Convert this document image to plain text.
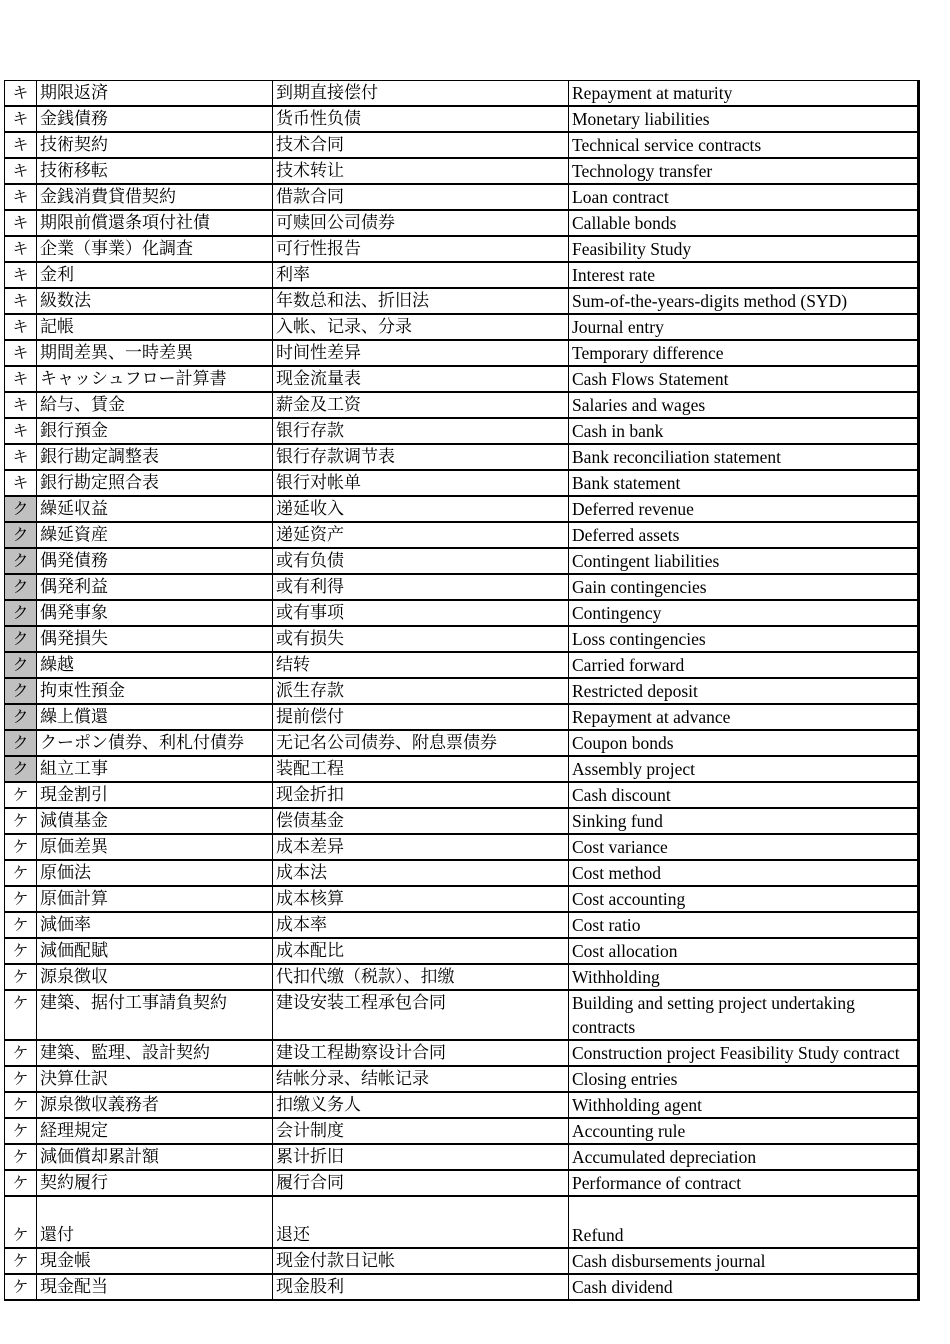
キ	期限返済	到期直接偿付	Repayment at maturity
キ	金銭債務	货币性负债	Monetary liabilities
キ	技術契約	技术合同	Technical service contracts
キ	技術移転	技术转让	Technology transfer
キ	金銭消費貸借契約	借款合同	Loan contract
キ	期限前償還条項付社債	可赎回公司债券	Callable bonds
キ	企業（事業）化調査	可行性报告	Feasibility Study
キ	金利	利率	Interest rate
キ	級数法	年数总和法、折旧法	Sum-of-the-years-digits method (SYD)
キ	記帳	入帐、记录、分录	Journal entry
キ	期間差異、一時差異	时间性差异	Temporary difference
キ	キャッシュフロー計算書	现金流量表	Cash Flows Statement
キ	給与、賃金	薪金及工资	Salaries and wages
キ	銀行預金	银行存款	Cash in bank
キ	銀行勘定調整表	银行存款调节表	Bank reconciliation statement
キ	銀行勘定照合表	银行对帐单	Bank statement
ク	繰延収益	递延收入	Deferred revenue
ク	繰延資産	递延资产	Deferred assets
ク	偶発債務	或有负债	Contingent liabilities
ク	偶発利益	或有利得	Gain contingencies
ク	偶発事象	或有事项	Contingency
ク	偶発損失	或有损失	Loss contingencies
ク	繰越	结转	Carried forward
ク	拘束性預金	派生存款	Restricted deposit
ク	繰上償還	提前偿付	Repayment at advance
ク	クーポン債券、利札付債券	无记名公司债券、附息票债券	Coupon bonds
ク	組立工事	装配工程	Assembly project
ケ	現金割引	现金折扣	Cash discount
ケ	減債基金	偿债基金	Sinking fund
ケ	原価差異	成本差异	Cost variance
ケ	原価法	成本法	Cost method
ケ	原価計算	成本核算	Cost accounting
ケ	減価率	成本率	Cost ratio
ケ	減価配賦	成本配比	Cost allocation
ケ	源泉徴収	代扣代缴（税款）、扣缴	Withholding
ケ	建築、据付工事請負契約	建设安装工程承包合同	Building and setting project undertaking contracts
ケ	建築、監理、設計契約	建设工程勘察设计合同	Construction project Feasibility Study contract
ケ	決算仕訳	结帐分录、结帐记录	Closing entries
ケ	源泉徴収義務者	扣缴义务人	Withholding agent
ケ	経理規定	会计制度	Accounting rule
ケ	減価償却累計額	累计折旧	Accumulated depreciation
ケ	契約履行	履行合同	Performance of contract
ケ	還付	退还	Refund
ケ	現金帳	现金付款日记帐	Cash disbursements journal
ケ	現金配当	现金股利	Cash dividend
